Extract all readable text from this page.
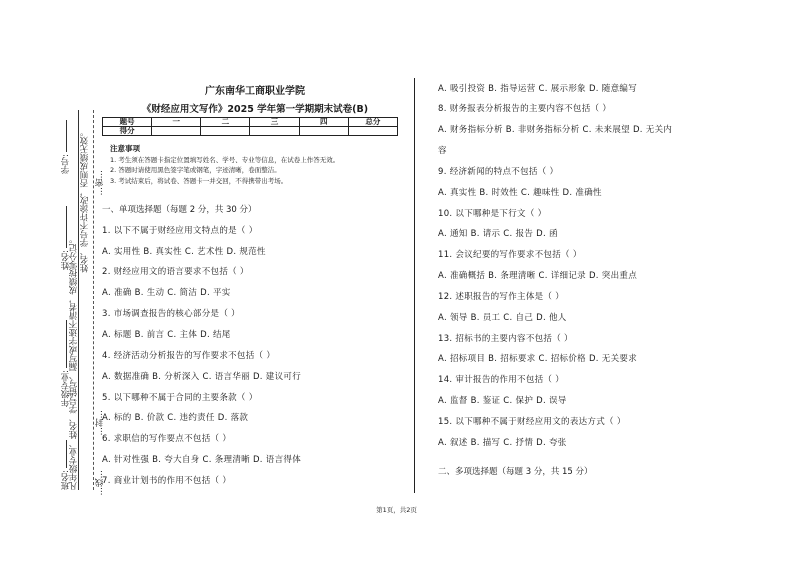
学号:
姓名:
年级专业:
班名:
姓名、学号不许涂改，否则成绩无效。
凡年级专业、姓名、学号错写、漏写或字迹不清者，成绩按零分记。
…密…
…封…
…线…
广东南华工商职业学院
《财经应用文写作》2025 学年第一学期期末试卷(B)
题号	一	二	三	四	总分
得分					
注意事项
1. 考生须在答题卡指定位置填写姓名、学号、专业等信息，在试卷上作答无效。
2. 答题时请使用黑色签字笔或钢笔，字迹清晰，卷面整洁。
3. 考试结束后，将试卷、答题卡一并交回，不得携带出考场。
一、单项选择题（每题 2 分，共 30 分）
1. 以下不属于财经应用文特点的是（ ）
A. 实用性 B. 真实性 C. 艺术性 D. 规范性
2. 财经应用文的语言要求不包括（ ）
A. 准确 B. 生动 C. 简洁 D. 平实
3. 市场调查报告的核心部分是（ ）
A. 标题 B. 前言 C. 主体 D. 结尾
4. 经济活动分析报告的写作要求不包括（ ）
A. 数据准确 B. 分析深入 C. 语言华丽 D. 建议可行
5. 以下哪种不属于合同的主要条款（ ）
A. 标的 B. 价款 C. 违约责任 D. 落款
6. 求职信的写作要点不包括（ ）
A. 针对性强 B. 夸大自身 C. 条理清晰 D. 语言得体
7. 商业计划书的作用不包括（ ）
A. 吸引投资 B. 指导运营 C. 展示形象 D. 随意编写
8. 财务报表分析报告的主要内容不包括（ ）
A. 财务指标分析 B. 非财务指标分析 C. 未来展望 D. 无关内
容
9. 经济新闻的特点不包括（ ）
A. 真实性 B. 时效性 C. 趣味性 D. 准确性
10. 以下哪种是下行文（ ）
A. 通知 B. 请示 C. 报告 D. 函
11. 会议纪要的写作要求不包括（ ）
A. 准确概括 B. 条理清晰 C. 详细记录 D. 突出重点
12. 述职报告的写作主体是（ ）
A. 领导 B. 员工 C. 自己 D. 他人
13. 招标书的主要内容不包括（ ）
A. 招标项目 B. 招标要求 C. 招标价格 D. 无关要求
14. 审计报告的作用不包括（ ）
A. 监督 B. 鉴证 C. 保护 D. 误导
15. 以下哪种不属于财经应用文的表达方式（ ）
A. 叙述 B. 描写 C. 抒情 D. 夸张
二、多项选择题（每题 3 分，共 15 分）
第1页，共2页
